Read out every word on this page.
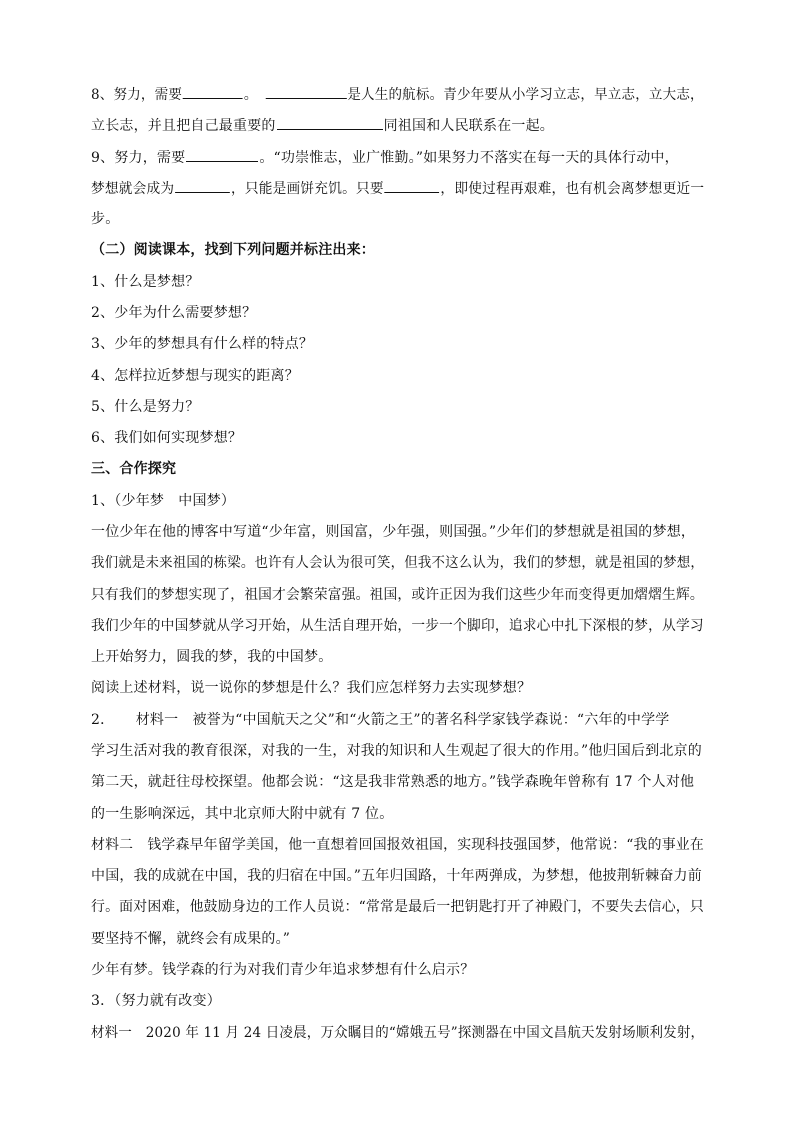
8、努力，需要	。	是人生的航标。青少年要从小学习立志，早立志，立大志，
立长志，并且把自己最重要的	同祖国和人民联系在一起。
9、努力，需要	。“功崇惟志，业广惟勤。”如果努力不落实在每一天的具体行动中，
梦想就会成为	，只能是画饼充饥。只要	，即使过程再艰难，也有机会离梦想更近一
步。
（二）阅读课本，找到下列问题并标注出来：
1、什么是梦想？
2、少年为什么需要梦想？
3、少年的梦想具有什么样的特点？
4、怎样拉近梦想与现实的距离？
5、什么是努力？
6、我们如何实现梦想？
三、合作探究
1、（少年梦　中国梦）
一位少年在他的博客中写道“少年富，则国富，少年强，则国强。”少年们的梦想就是祖国的梦想，
我们就是未来祖国的栋梁。也许有人会认为很可笑，但我不这么认为，我们的梦想，就是祖国的梦想，
只有我们的梦想实现了，祖国才会繁荣富强。祖国，或许正因为我们这些少年而变得更加熠熠生辉。
我们少年的中国梦就从学习开始，从生活自理开始，一步一个脚印，追求心中扎下深根的梦，从学习
上开始努力，圆我的梦，我的中国梦。
阅读上述材料，说一说你的梦想是什么？我们应怎样努力去实现梦想？
2．　　材料一　被誉为“中国航天之父”和“火箭之王”的著名科学家钱学森说：“六年的中学学
学习生活对我的教育很深，对我的一生，对我的知识和人生观起了很大的作用。”他归国后到北京的
第二天，就赶往母校探望。他都会说：“这是我非常熟悉的地方。”钱学森晚年曾称有 17 个人对他
的一生影响深远，其中北京师大附中就有 7 位。
材料二　钱学森早年留学美国，他一直想着回国报效祖国，实现科技强国梦，他常说：“我的事业在
中国，我的成就在中国，我的归宿在中国。”五年归国路，十年两弹成，为梦想，他披荆斩棘奋力前
行。面对困难，他鼓励身边的工作人员说：“常常是最后一把钥匙打开了神殿门，不要失去信心，只
要坚持不懈，就终会有成果的。”
少年有梦。钱学森的行为对我们青少年追求梦想有什么启示？
3．（努力就有改变）
材料一　2020 年 11 月 24 日凌晨，万众瞩目的“嫦娥五号”探测器在中国文昌航天发射场顺利发射，
